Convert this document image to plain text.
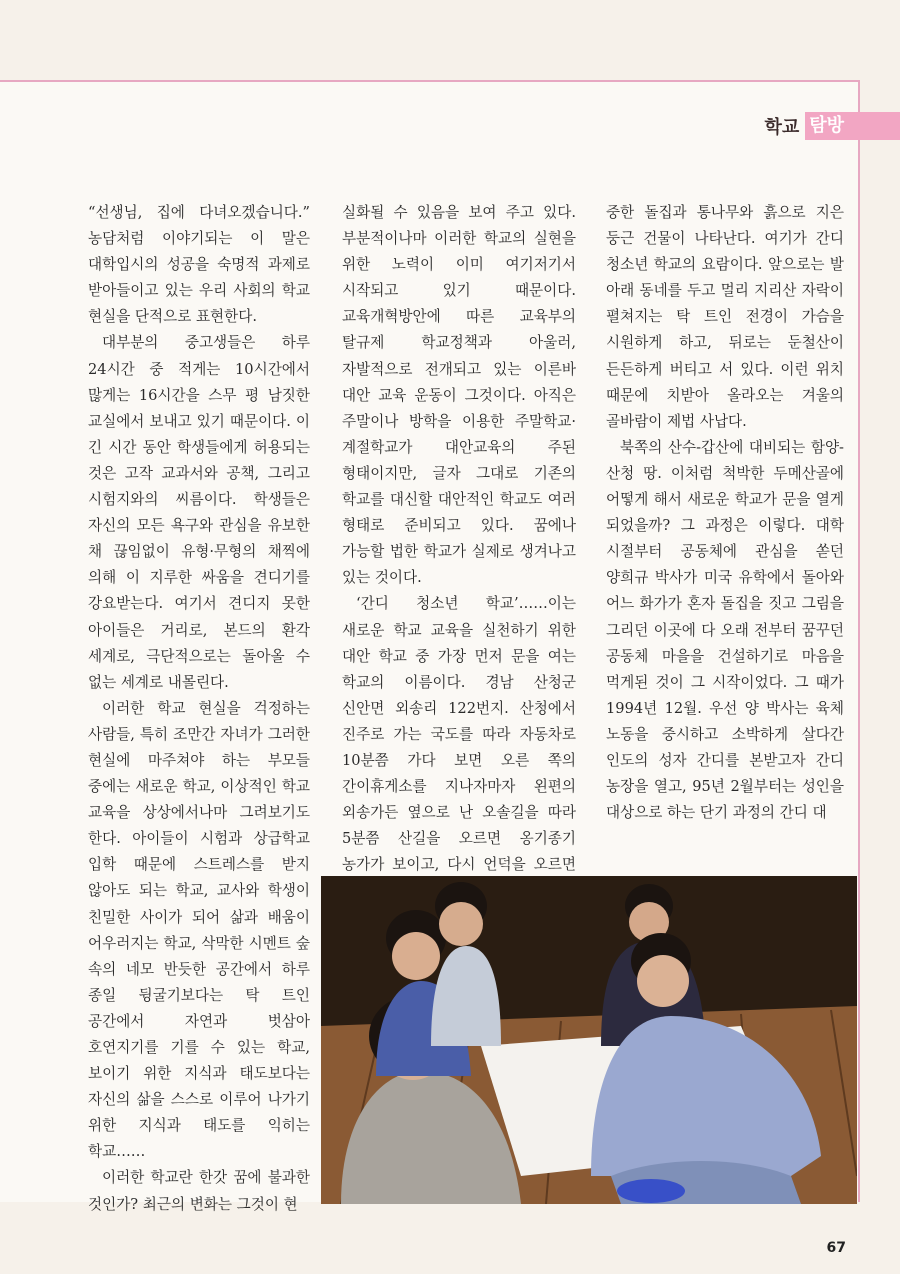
학교 탐방

“선생님, 집에 다녀오겠습니다.” 농담처럼 이야기되는 이 말은 대학입시의 성공을 숙명적 과제로 받아들이고 있는 우리 사회의 학교 현실을 단적으로 표현한다.

대부분의 중고생들은 하루 24시간 중 적게는 10시간에서 많게는 16시간을 스무 평 남짓한 교실에서 보내고 있기 때문이다. 이 긴 시간 동안 학생들에게 허용되는 것은 고작 교과서와 공책, 그리고 시험지와의 씨름이다. 학생들은 자신의 모든 욕구와 관심을 유보한 채 끊임없이 유형·무형의 채찍에 의해 이 지루한 싸움을 견디기를 강요받는다. 여기서 견디지 못한 아이들은 거리로, 본드의 환각 세계로, 극단적으로는 돌아올 수 없는 세계로 내몰린다.

이러한 학교 현실을 걱정하는 사람들, 특히 조만간 자녀가 그러한 현실에 마주쳐야 하는 부모들 중에는 새로운 학교, 이상적인 학교 교육을 상상에서나마 그려보기도 한다. 아이들이 시험과 상급학교 입학 때문에 스트레스를 받지 않아도 되는 학교, 교사와 학생이 친밀한 사이가 되어 삶과 배움이 어우러지는 학교, 삭막한 시멘트 숲 속의 네모 반듯한 공간에서 하루 종일 뒹굴기보다는 탁 트인 공간에서 자연과 벗삼아 호연지기를 기를 수 있는 학교, 보이기 위한 지식과 태도보다는 자신의 삶을 스스로 이루어 나가기 위한 지식과 태도를 익히는 학교……

이러한 학교란 한갓 꿈에 불과한 것인가? 최근의 변화는 그것이 현

실화될 수 있음을 보여 주고 있다. 부분적이나마 이러한 학교의 실현을 위한 노력이 이미 여기저기서 시작되고 있기 때문이다. 교육개혁방안에 따른 교육부의 탈규제 학교정책과 아울러, 자발적으로 전개되고 있는 이른바 대안 교육 운동이 그것이다. 아직은 주말이나 방학을 이용한 주말학교·계절학교가 대안교육의 주된 형태이지만, 글자 그대로 기존의 학교를 대신할 대안적인 학교도 여러 형태로 준비되고 있다. 꿈에나 가능할 법한 학교가 실제로 생겨나고 있는 것이다.

‘간디 청소년 학교’……이는 새로운 학교 교육을 실천하기 위한 대안 학교 중 가장 먼저 문을 여는 학교의 이름이다. 경남 산청군 신안면 외송리 122번지. 산청에서 진주로 가는 국도를 따라 자동차로 10분쯤 가다 보면 오른 쪽의 간이휴게소를 지나자마자 왼편의 외송가든 옆으로 난 오솔길을 따라 5분쯤 산길을 오르면 옹기종기 농가가 보이고, 다시 언덕을 오르면

중한 돌집과 통나무와 흙으로 지은 둥근 건물이 나타난다. 여기가 간디 청소년 학교의 요람이다. 앞으로는 발 아래 동네를 두고 멀리 지리산 자락이 펼쳐지는 탁 트인 전경이 가슴을 시원하게 하고, 뒤로는 둔철산이 든든하게 버티고 서 있다. 이런 위치 때문에 치받아 올라오는 겨울의 골바람이 제법 사납다.

북쪽의 산수-갑산에 대비되는 함양-산청 땅. 이처럼 척박한 두메산골에 어떻게 해서 새로운 학교가 문을 열게 되었을까? 그 과정은 이렇다. 대학 시절부터 공동체에 관심을 쏟던 양희규 박사가 미국 유학에서 돌아와 어느 화가가 혼자 돌집을 짓고 그림을 그리던 이곳에 다 오래 전부터 꿈꾸던 공동체 마을을 건설하기로 마음을 먹게된 것이 그 시작이었다. 그 때가 1994년 12월. 우선 양 박사는 육체 노동을 중시하고 소박하게 살다간 인도의 성자 간디를 본받고자 간디 농장을 열고, 95년 2월부터는 성인을 대상으로 하는 단기 과정의 간디 대

67
